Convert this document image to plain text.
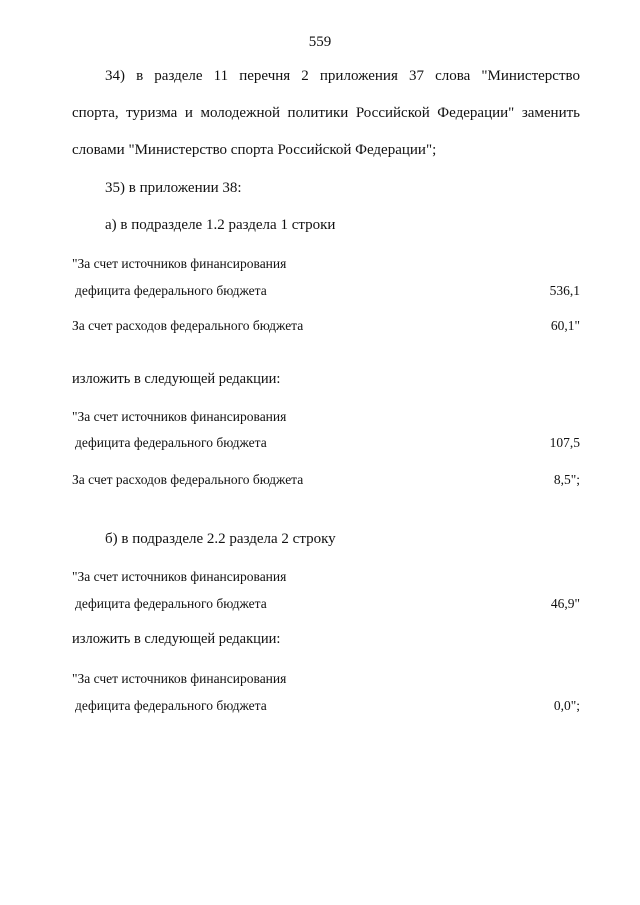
559
34) в разделе 11 перечня 2 приложения 37 слова "Министерство
спорта, туризма и молодежной политики Российской Федерации" заменить
словами "Министерство спорта Российской Федерации";
35) в приложении 38:
а) в подразделе 1.2 раздела 1 строки
"За счет источников финансирования
дефицита федерального бюджета	536,1
За счет расходов федерального бюджета	60,1"
изложить в следующей редакции:
"За счет источников финансирования
дефицита федерального бюджета	107,5
За счет расходов федерального бюджета	8,5";
б) в подразделе 2.2 раздела 2 строку
"За счет источников финансирования
дефицита федерального бюджета	46,9"
изложить в следующей редакции:
"За счет источников финансирования
дефицита федерального бюджета	0,0";
